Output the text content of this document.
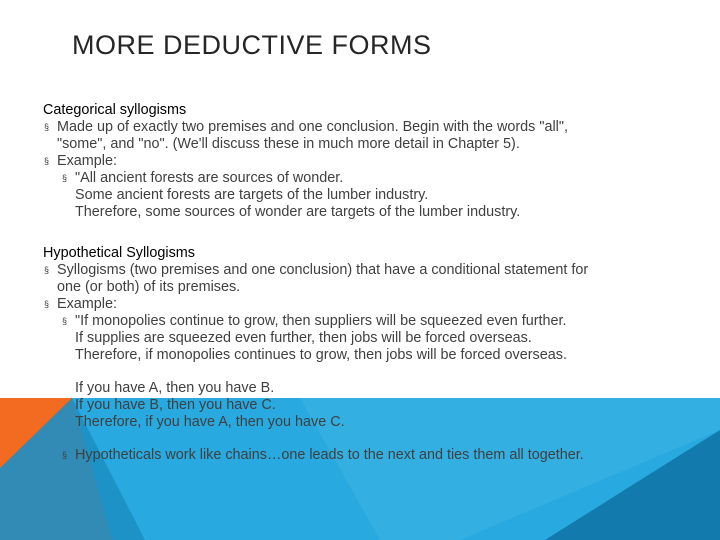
MORE DEDUCTIVE FORMS
Categorical syllogisms
§ Made up of exactly two premises and one conclusion. Begin with the words "all",
"some", and "no". (We'll discuss these in much more detail in Chapter 5).
§ Example:
§ "All ancient forests are sources of wonder.
Some ancient forests are targets of the lumber industry.
Therefore, some sources of wonder are targets of the lumber industry.
Hypothetical Syllogisms
§ Syllogisms (two premises and one conclusion) that have a conditional statement for
one (or both) of its premises.
§ Example:
§ "If monopolies continue to grow, then suppliers will be squeezed even further.
If supplies are squeezed even further, then jobs will be forced overseas.
Therefore, if monopolies continues to grow, then jobs will be forced overseas.
If you have A, then you have B.
If you have B, then you have C.
Therefore, if you have A, then you have C.
§ Hypotheticals work like chains…one leads to the next and ties them all together.
